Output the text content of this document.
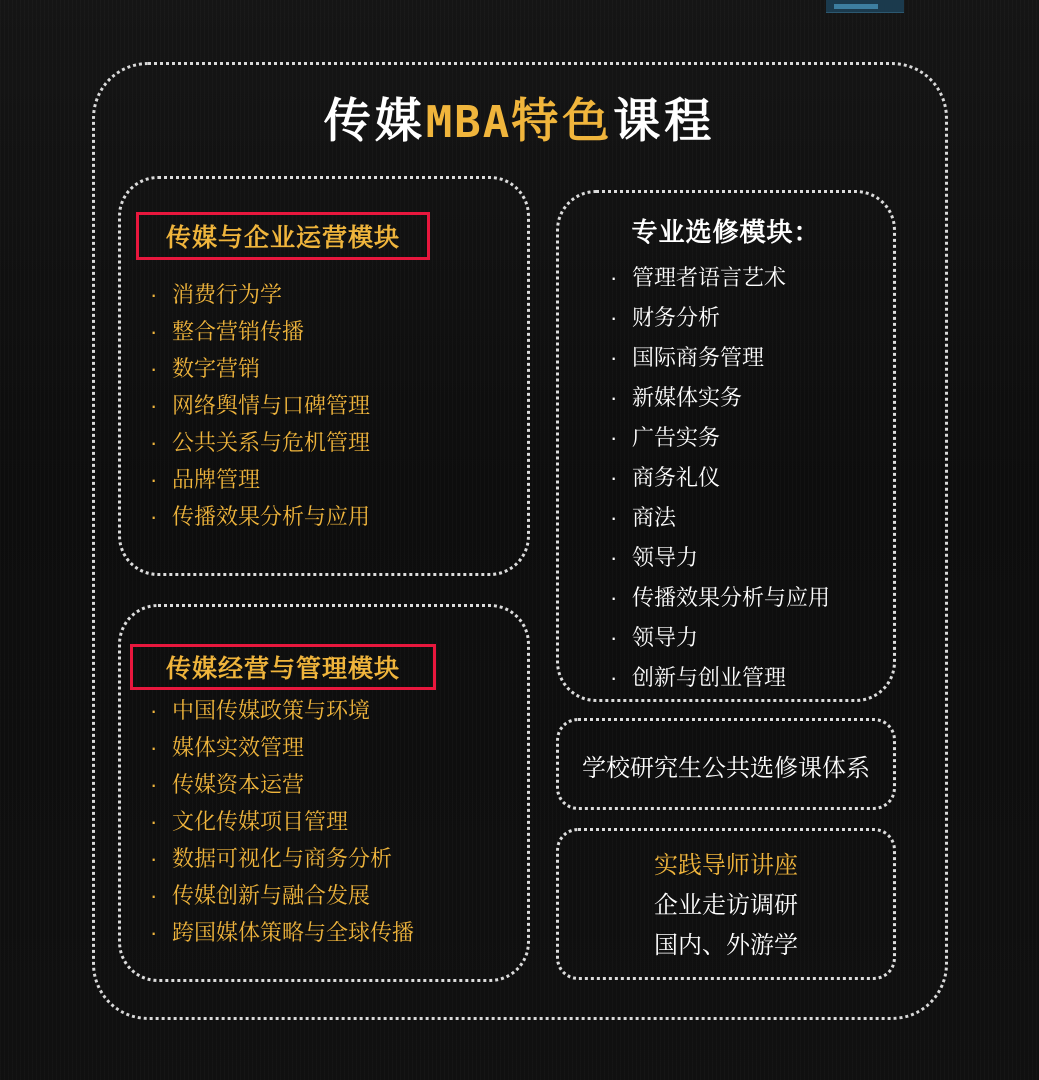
传媒MBA特色课程
传媒与企业运营模块
· 消费行为学
· 整合营销传播
· 数字营销
· 网络舆情与口碑管理
· 公共关系与危机管理
· 品牌管理
· 传播效果分析与应用
传媒经营与管理模块
· 中国传媒政策与环境
· 媒体实效管理
· 传媒资本运营
· 文化传媒项目管理
· 数据可视化与商务分析
· 传媒创新与融合发展
· 跨国媒体策略与全球传播
专业选修模块：
· 管理者语言艺术
· 财务分析
· 国际商务管理
· 新媒体实务
· 广告实务
· 商务礼仪
· 商法
· 领导力
· 传播效果分析与应用
· 领导力
· 创新与创业管理
学校研究生公共选修课体系
实践导师讲座
企业走访调研
国内、外游学
